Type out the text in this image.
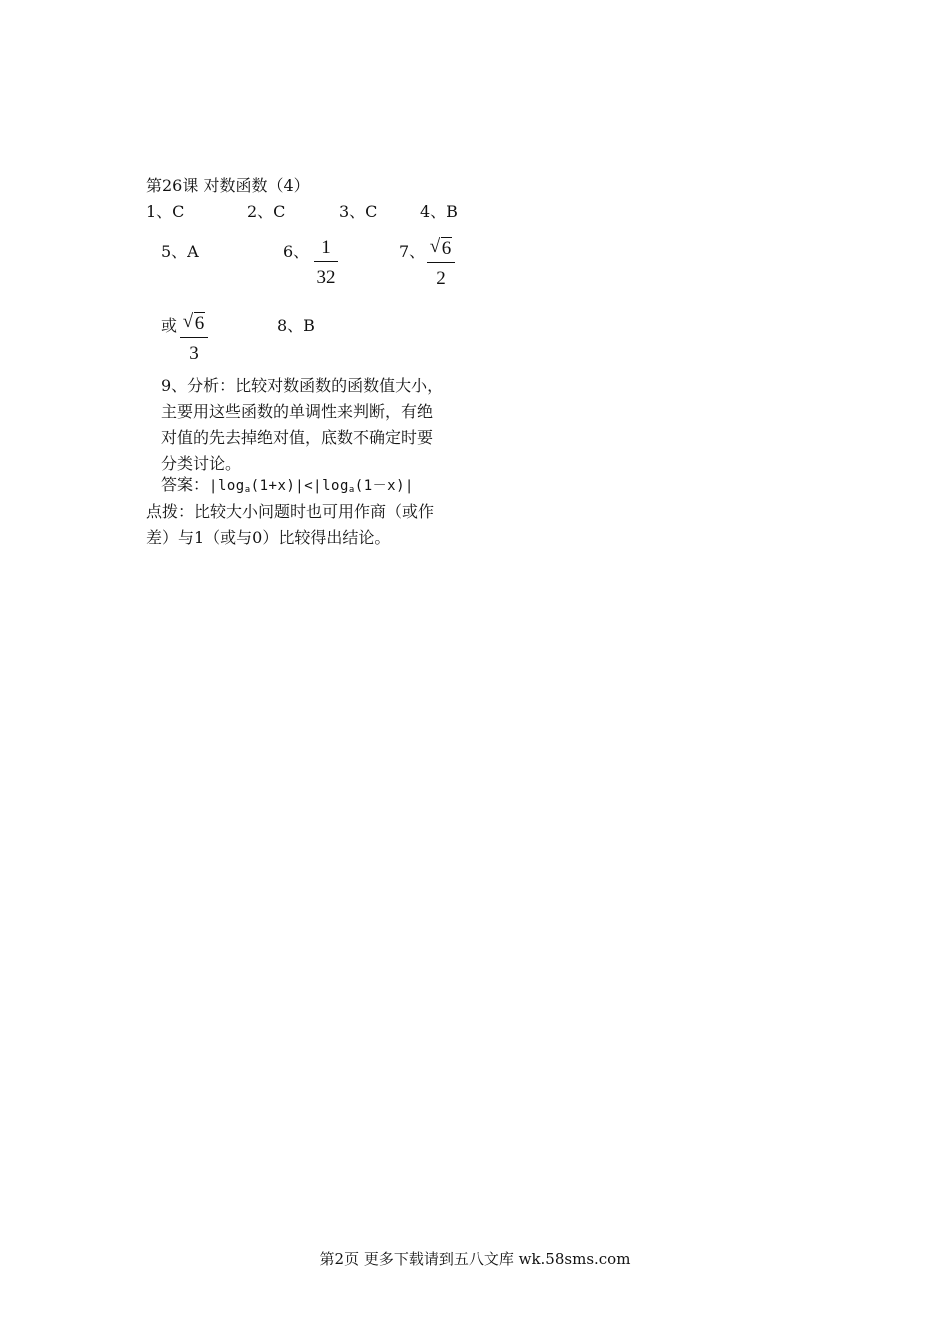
第26课 对数函数（4）
1、C	2、C	3、C	4、B
5、A	6、 1
32
7、 √ 6
2
或 √ 6
3
8、B
9、分析：比较对数函数的函数值大小，
主要用这些函数的单调性来判断，有绝
对值的先去掉绝对值，底数不确定时要
分类讨论。
答案：$∣\log_a(1+x)∣<∣\log_a(1-x)∣$
点拨：比较大小问题时也可用作商（或作
差）与1（或与0）比较得出结论。
第2页 更多下载请到五八文库 wk.58sms.com
